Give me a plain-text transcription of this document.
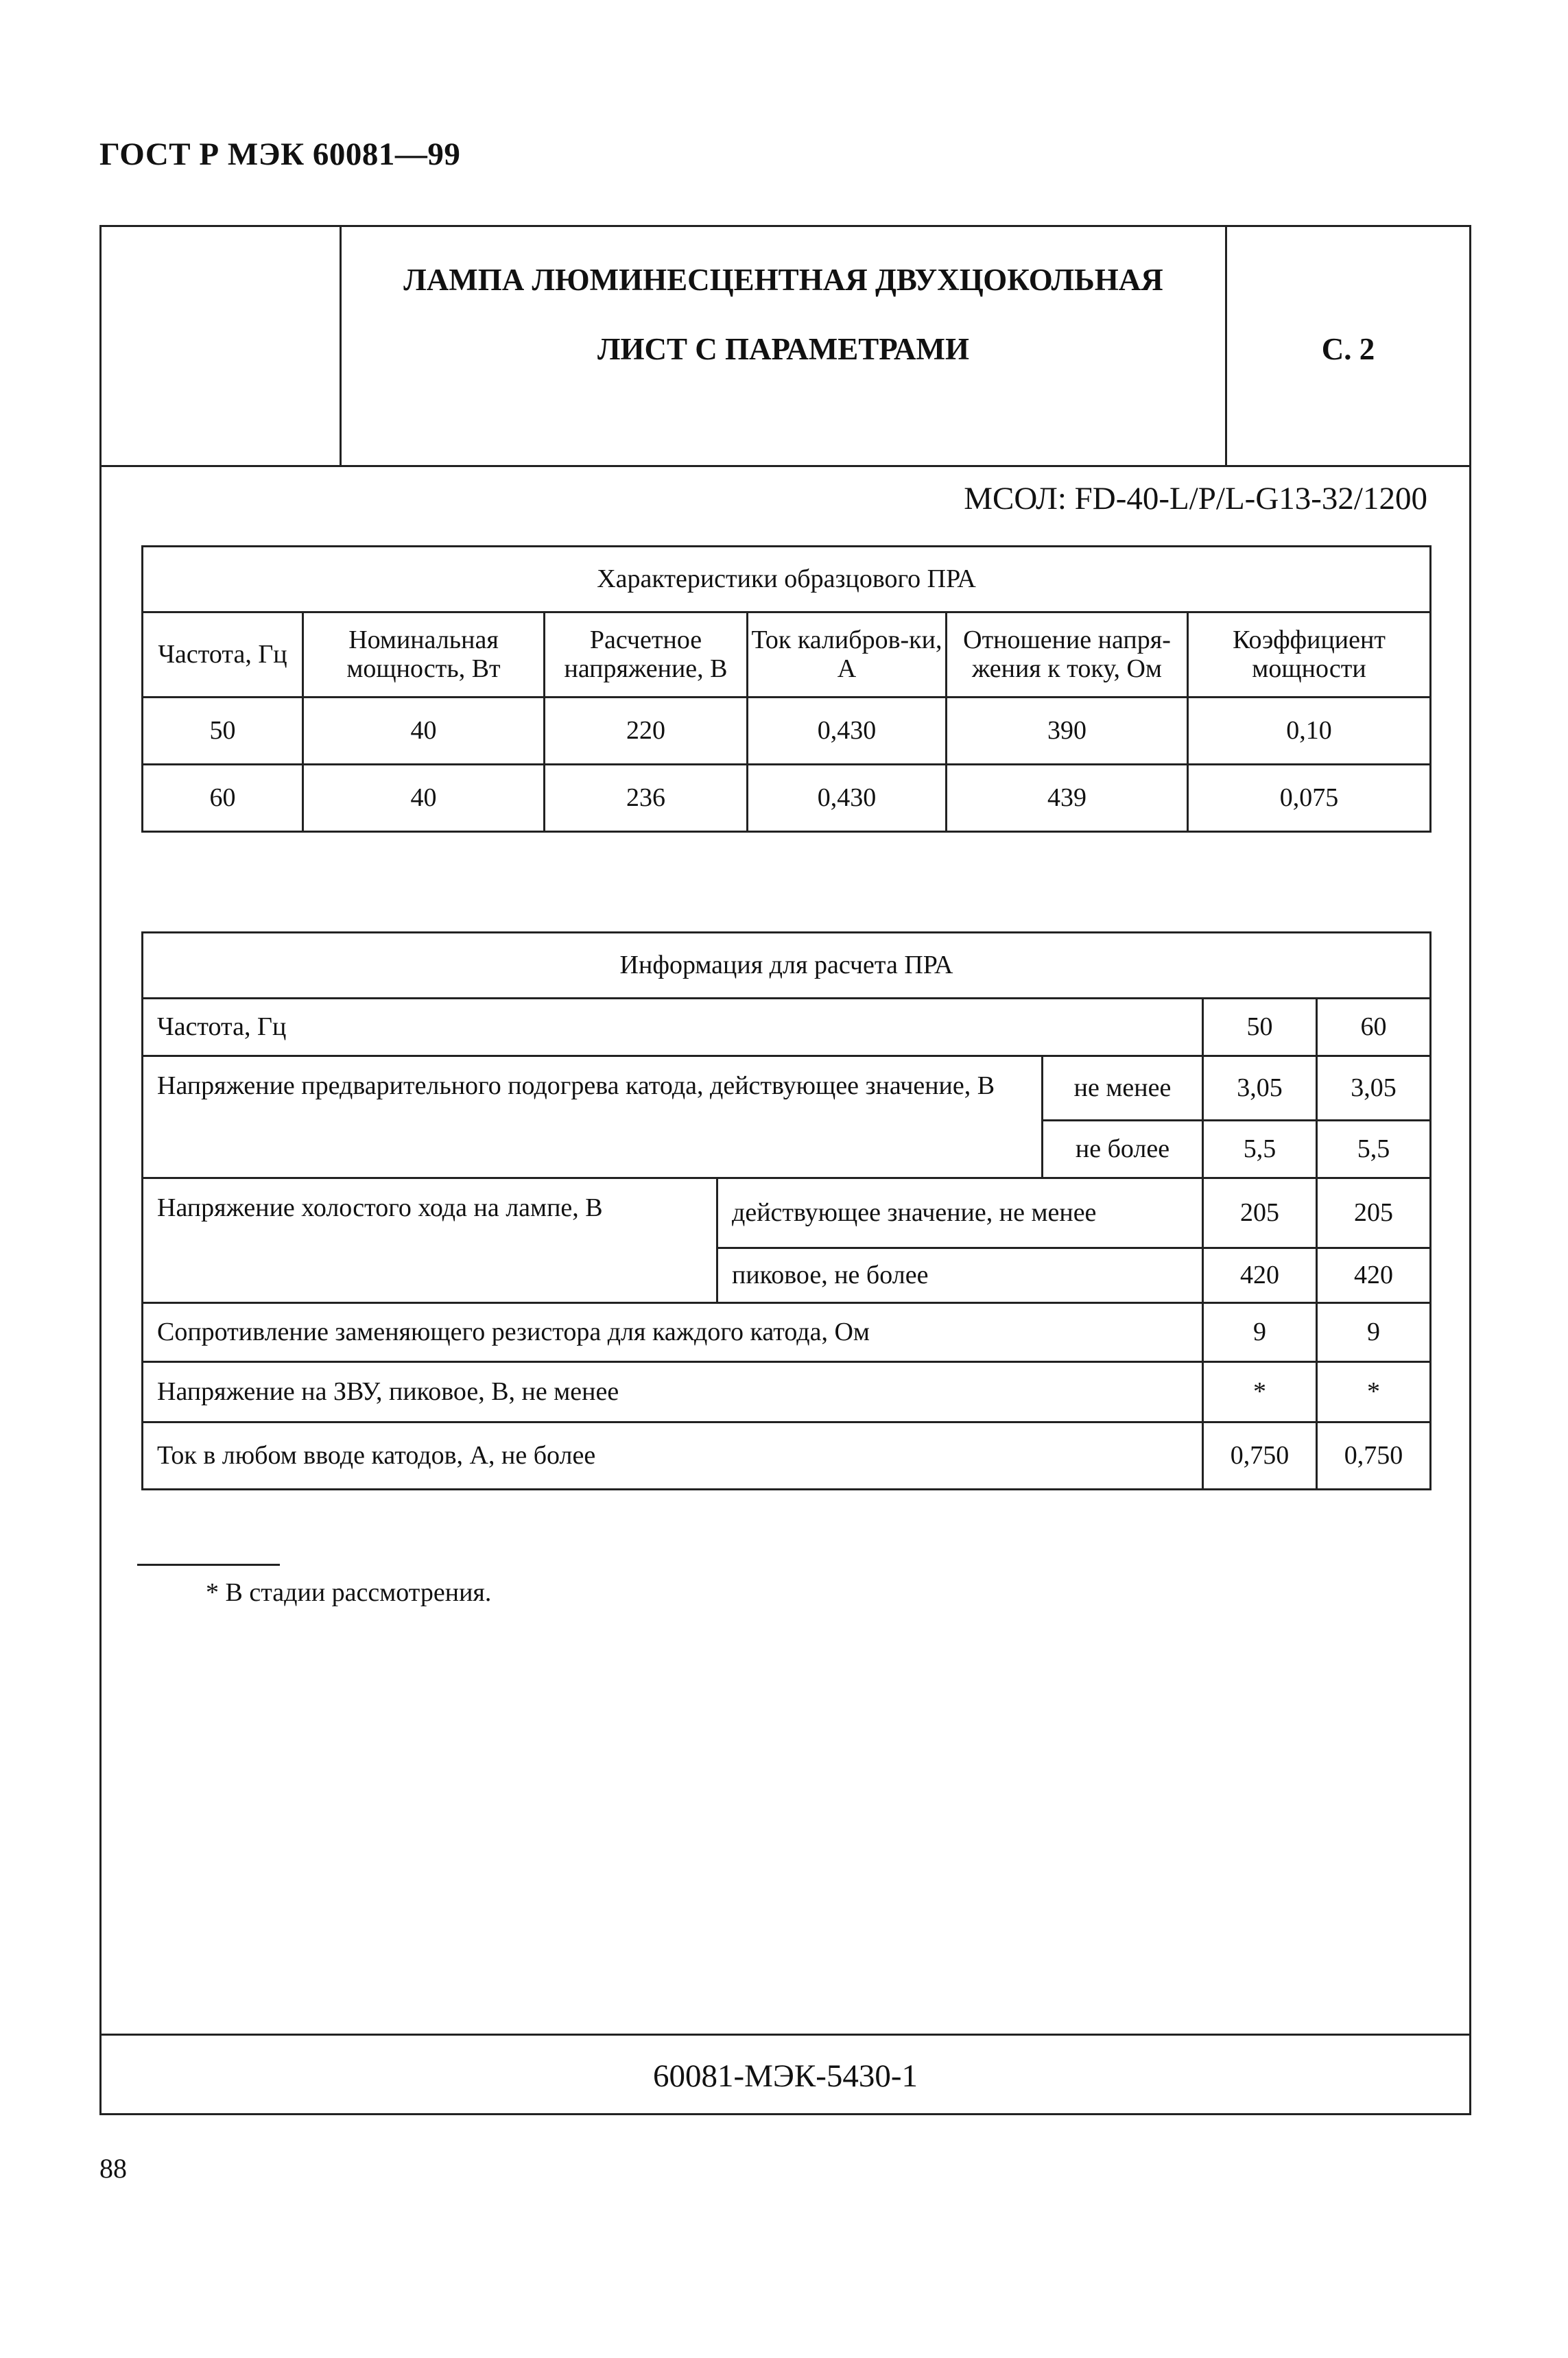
ГОСТ Р МЭК 60081—99
ЛАМПА ЛЮМИНЕСЦЕНТНАЯ ДВУХЦОКОЛЬНАЯ
ЛИСТ С ПАРАМЕТРАМИ	С. 2
МСОЛ: FD-40-L/P/L-G13-32/1200
Характеристики образцового ПРА					
Частота, Гц	Номинальная мощность, Вт	Расчетное напряжение, В	Ток калибров-ки, А	Отношение напря-жения к току, Ом	Коэффициент мощности
50	40	220	0,430	390	0,10
60	40	236	0,430	439	0,075
Информация для расчета ПРА				
Частота, Гц			50	60
Напряжение предварительного подогрева катода, действующее значение, В		не менее	3,05	3,05
		не более	5,5	5,5
Напряжение холостого хода на лампе, В	действующее значение, не менее		205	205
	пиковое, не более		420	420
Сопротивление заменяющего резистора для каждого катода, Ом			9	9
Напряжение на ЗВУ, пиковое, В, не менее			*	*
Ток в любом вводе катодов, А, не более			0,750	0,750
* В стадии рассмотрения.
60081-МЭК-5430-1
88
